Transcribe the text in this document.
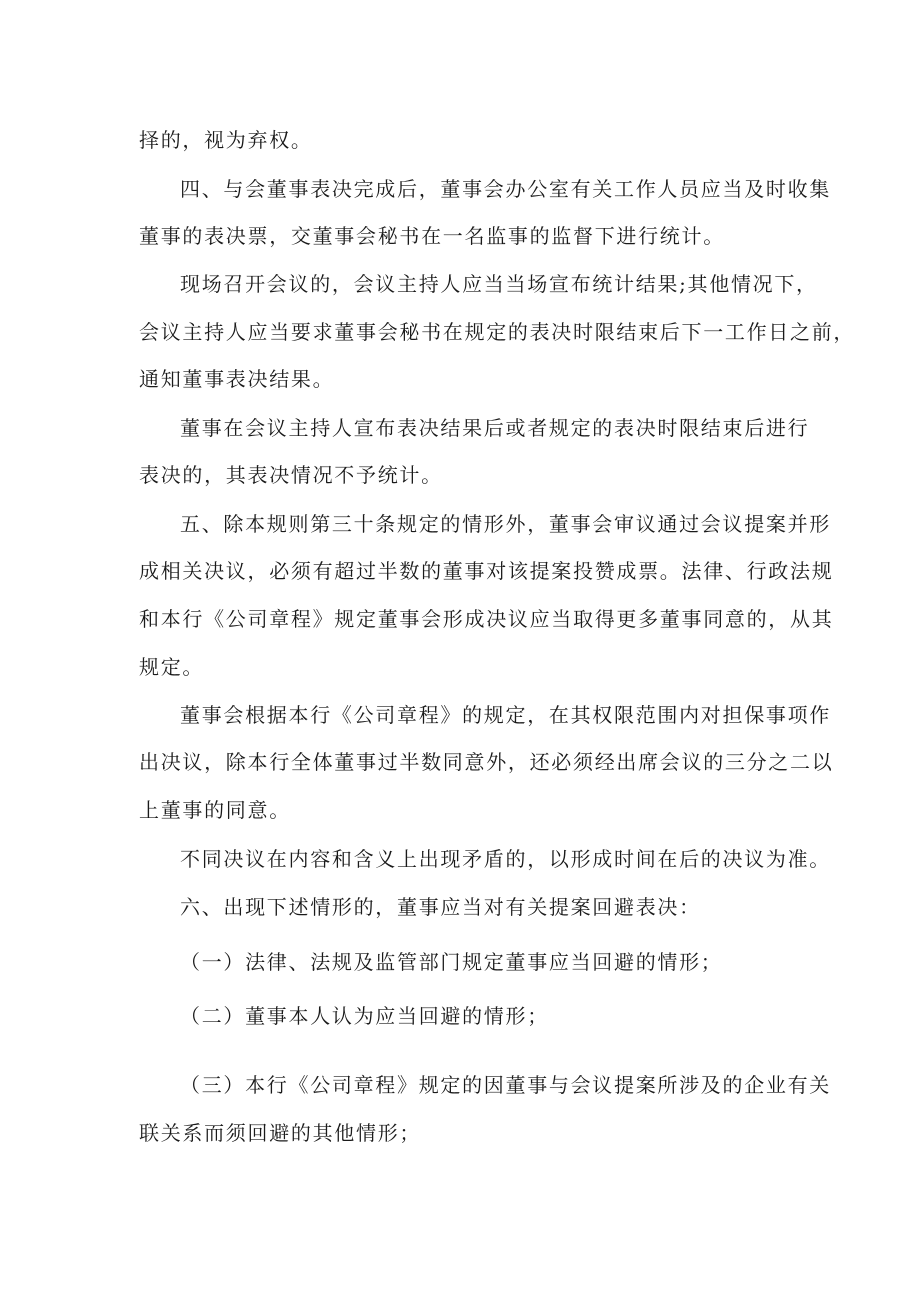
择的，视为弃权。

四、与会董事表决完成后，董事会办公室有关工作人员应当及时收集

董事的表决票，交董事会秘书在一名监事的监督下进行统计。

现场召开会议的，会议主持人应当当场宣布统计结果;其他情况下，

会议主持人应当要求董事会秘书在规定的表决时限结束后下一工作日之前，

通知董事表决结果。

董事在会议主持人宣布表决结果后或者规定的表决时限结束后进行

表决的，其表决情况不予统计。

五、除本规则第三十条规定的情形外，董事会审议通过会议提案并形

成相关决议，必须有超过半数的董事对该提案投赞成票。法律、行政法规

和本行《公司章程》规定董事会形成决议应当取得更多董事同意的，从其

规定。

董事会根据本行《公司章程》的规定，在其权限范围内对担保事项作

出决议，除本行全体董事过半数同意外，还必须经出席会议的三分之二以

上董事的同意。

不同决议在内容和含义上出现矛盾的，以形成时间在后的决议为准。

六、出现下述情形的，董事应当对有关提案回避表决：

（一）法律、法规及监管部门规定董事应当回避的情形；

（二）董事本人认为应当回避的情形；

（三）本行《公司章程》规定的因董事与会议提案所涉及的企业有关

联关系而须回避的其他情形；
